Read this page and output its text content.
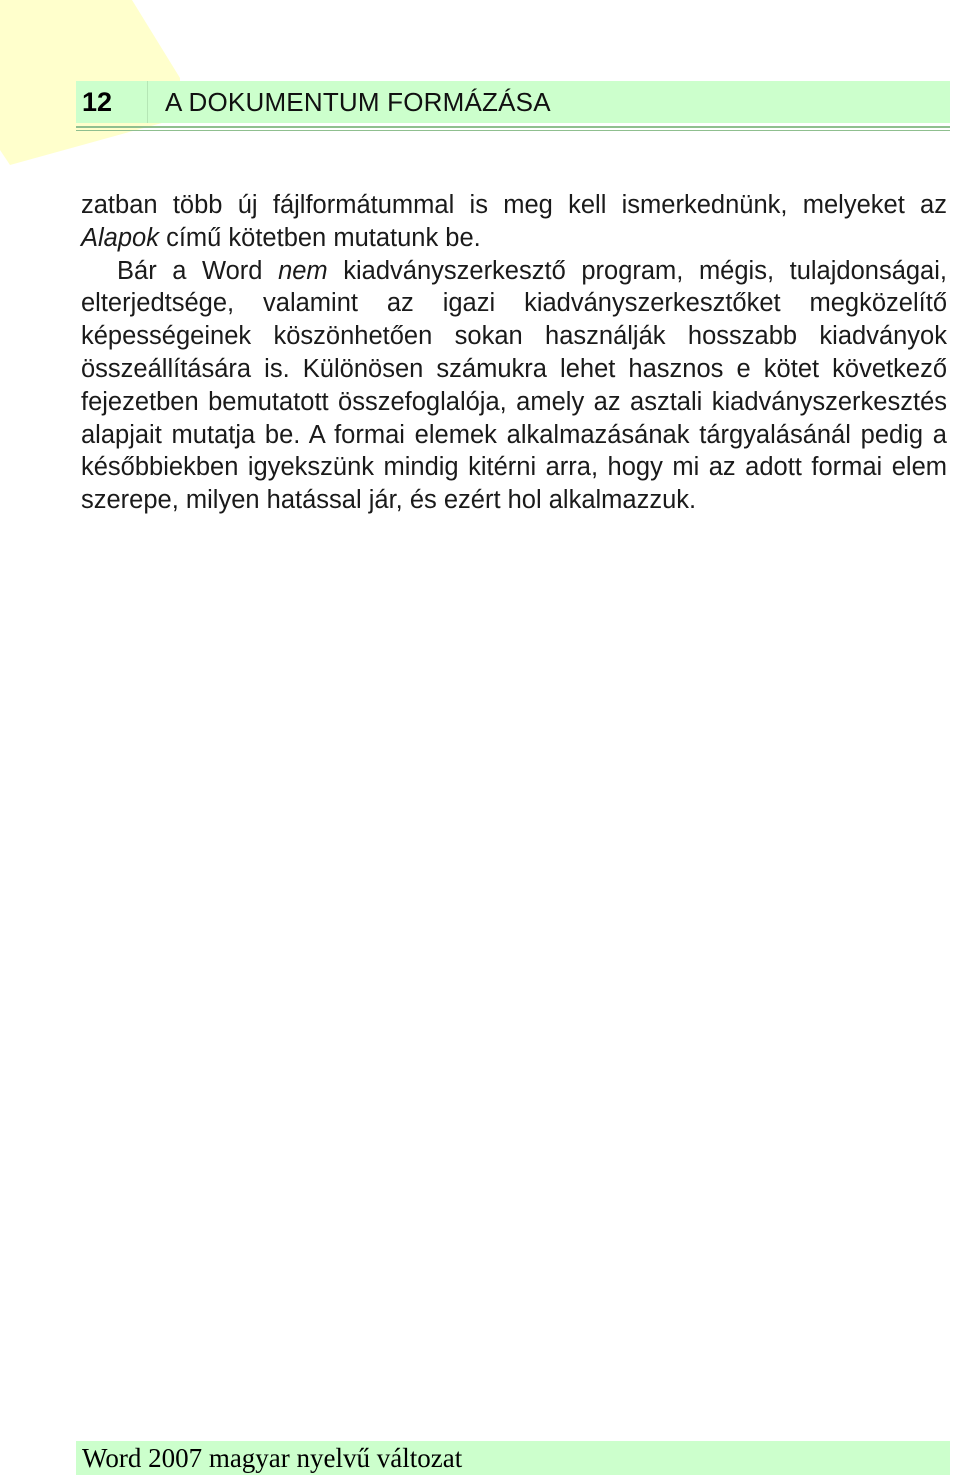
12	A DOKUMENTUM FORMÁZÁSA

zatban több új fájlformátummal is meg kell ismerkednünk, melyeket az Alapok című kötetben mutatunk be.

Bár a Word nem kiadványszerkesztő program, mégis, tulajdonságai, elterjedtsége, valamint az igazi kiadványszerkesztőket megközelítő képességeinek köszönhetően sokan használják hosszabb kiadványok összeállítására is. Különösen számukra lehet hasznos e kötet következő fejezetben bemutatott összefoglalója, amely az asztali kiadványszerkesztés alapjait mutatja be. A formai elemek alkalmazásának tárgyalásánál pedig a későbbiekben igyekszünk mindig kitérni arra, hogy mi az adott formai elem szerepe, milyen hatással jár, és ezért hol alkalmazzuk.

Word 2007 magyar nyelvű változat
